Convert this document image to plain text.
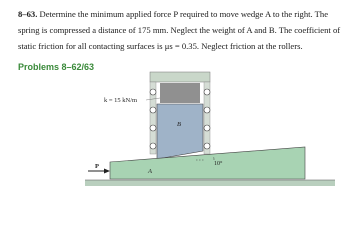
8–63. Determine the minimum applied force P required to move wedge A to the right. The spring is compressed a distance of 175 mm. Neglect the weight of A and B. The coefficient of static friction for all contacting surfaces is μs = 0.35. Neglect friction at the rollers.

Problems 8–62/63
k = 15 kN/m
P
A
B
10°
